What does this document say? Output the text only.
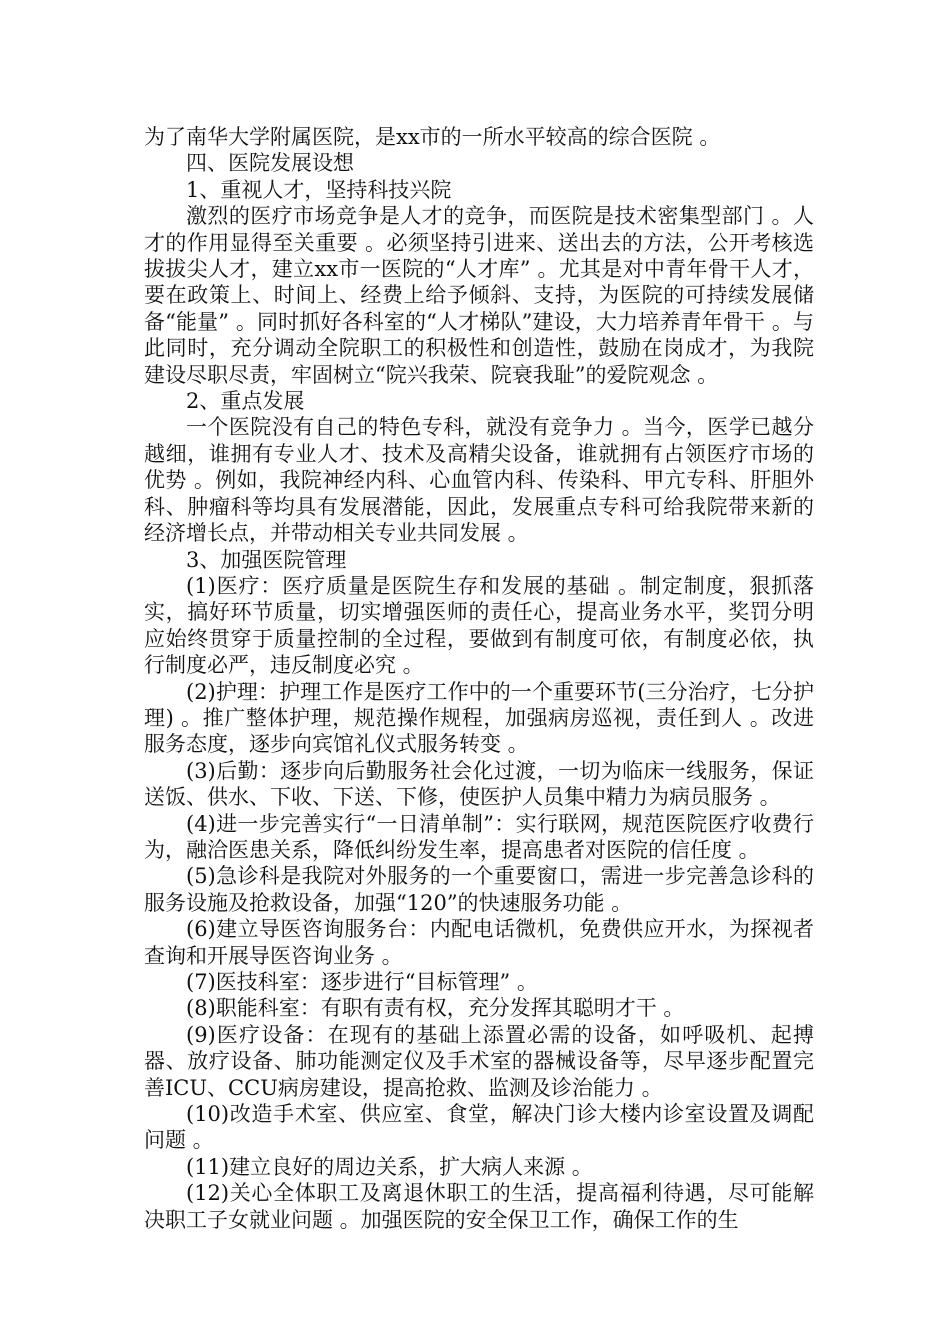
为了南华大学附属医院，是xx市的一所水平较高的综合医院 。

四、医院发展设想

1、重视人才，坚持科技兴院

激烈的医疗市场竞争是人才的竞争，而医院是技术密集型部门 。人才的作用显得至关重要 。必须坚持引进来、送出去的方法，公开考核选拔拔尖人才，建立xx市一医院的“人才库” 。尤其是对中青年骨干人才，要在政策上、时间上、经费上给予倾斜、支持，为医院的可持续发展储备“能量” 。同时抓好各科室的“人才梯队”建设，大力培养青年骨干 。与此同时，充分调动全院职工的积极性和创造性，鼓励在岗成才，为我院建设尽职尽责，牢固树立“院兴我荣、院衰我耻”的爱院观念 。

2、重点发展

一个医院没有自己的特色专科，就没有竞争力 。当今，医学已越分越细，谁拥有专业人才、技术及高精尖设备，谁就拥有占领医疗市场的优势 。例如，我院神经内科、心血管内科、传染科、甲亢专科、肝胆外科、肿瘤科等均具有发展潜能，因此，发展重点专科可给我院带来新的经济增长点，并带动相关专业共同发展 。

3、加强医院管理

(1)医疗：医疗质量是医院生存和发展的基础 。制定制度，狠抓落实，搞好环节质量，切实增强医师的责任心，提高业务水平，奖罚分明应始终贯穿于质量控制的全过程，要做到有制度可依，有制度必依，执行制度必严，违反制度必究 。

(2)护理：护理工作是医疗工作中的一个重要环节(三分治疗，七分护理) 。推广整体护理，规范操作规程，加强病房巡视，责任到人 。改进服务态度，逐步向宾馆礼仪式服务转变 。

(3)后勤：逐步向后勤服务社会化过渡，一切为临床一线服务，保证送饭、供水、下收、下送、下修，使医护人员集中精力为病员服务 。

(4)进一步完善实行“一日清单制”：实行联网，规范医院医疗收费行为，融洽医患关系，降低纠纷发生率，提高患者对医院的信任度 。

(5)急诊科是我院对外服务的一个重要窗口，需进一步完善急诊科的服务设施及抢救设备，加强“120”的快速服务功能 。

(6)建立导医咨询服务台：内配电话微机，免费供应开水，为探视者查询和开展导医咨询业务 。

(7)医技科室：逐步进行“目标管理” 。

(8)职能科室：有职有责有权，充分发挥其聪明才干 。

(9)医疗设备：在现有的基础上添置必需的设备，如呼吸机、起搏器、放疗设备、肺功能测定仪及手术室的器械设备等，尽早逐步配置完善ICU、CCU病房建设，提高抢救、监测及诊治能力 。

(10)改造手术室、供应室、食堂，解决门诊大楼内诊室设置及调配问题 。

(11)建立良好的周边关系，扩大病人来源 。

(12)关心全体职工及离退休职工的生活，提高福利待遇，尽可能解决职工子女就业问题 。加强医院的安全保卫工作，确保工作的生
